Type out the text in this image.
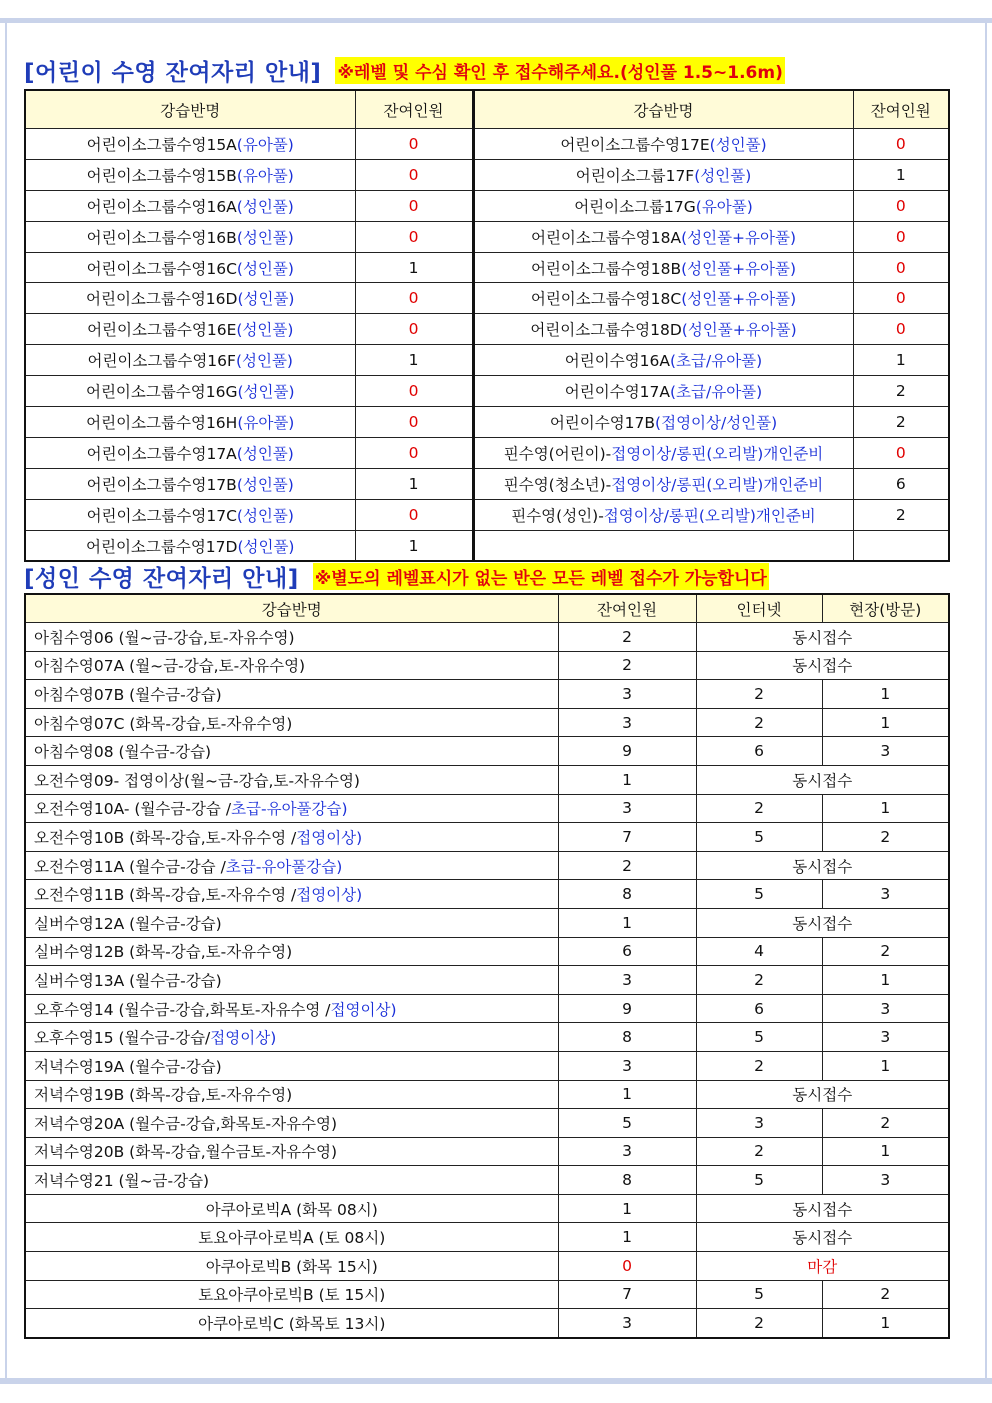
[어린이 수영 잔여자리 안내] ※레벨 및 수심 확인 후 접수해주세요.(성인풀 1.5~1.6m)
강습반명	잔여인원	강습반명	잔여인원
어린이소그룹수영15A(유아풀)	0	어린이소그룹수영17E(성인풀)	0
어린이소그룹수영15B(유아풀)	0	어린이소그룹17F(성인풀)	1
어린이소그룹수영16A(성인풀)	0	어린이소그룹17G(유아풀)	0
어린이소그룹수영16B(성인풀)	0	어린이소그룹수영18A(성인풀+유아풀)	0
어린이소그룹수영16C(성인풀)	1	어린이소그룹수영18B(성인풀+유아풀)	0
어린이소그룹수영16D(성인풀)	0	어린이소그룹수영18C(성인풀+유아풀)	0
어린이소그룹수영16E(성인풀)	0	어린이소그룹수영18D(성인풀+유아풀)	0
어린이소그룹수영16F(성인풀)	1	어린이수영16A(초급/유아풀)	1
어린이소그룹수영16G(성인풀)	0	어린이수영17A(초급/유아풀)	2
어린이소그룹수영16H(유아풀)	0	어린이수영17B(접영이상/성인풀)	2
어린이소그룹수영17A(성인풀)	0	핀수영(어린이)-접영이상/롱핀(오리발)개인준비	0
어린이소그룹수영17B(성인풀)	1	핀수영(청소년)-접영이상/롱핀(오리발)개인준비	6
어린이소그룹수영17C(성인풀)	0	핀수영(성인)-접영이상/롱핀(오리발)개인준비	2
어린이소그룹수영17D(성인풀)	1		
[성인 수영 잔여자리 안내] ※별도의 레벨표시가 없는 반은 모든 레벨 접수가 가능합니다
강습반명	잔여인원	인터넷	현장(방문)
아침수영06 (월~금-강습,토-자유수영)	2	동시접수	
아침수영07A (월~금-강습,토-자유수영)	2	동시접수	
아침수영07B (월수금-강습)	3	2	1
아침수영07C (화목-강습,토-자유수영)	3	2	1
아침수영08 (월수금-강습)	9	6	3
오전수영09- 접영이상(월~금-강습,토-자유수영)	1	동시접수	
오전수영10A- (월수금-강습 /초급-유아풀강습)	3	2	1
오전수영10B (화목-강습,토-자유수영 /접영이상)	7	5	2
오전수영11A (월수금-강습 /초급-유아풀강습)	2	동시접수	
오전수영11B (화목-강습,토-자유수영 /접영이상)	8	5	3
실버수영12A (월수금-강습)	1	동시접수	
실버수영12B (화목-강습,토-자유수영)	6	4	2
실버수영13A (월수금-강습)	3	2	1
오후수영14 (월수금-강습,화목토-자유수영 /접영이상)	9	6	3
오후수영15 (월수금-강습/접영이상)	8	5	3
저녁수영19A (월수금-강습)	3	2	1
저녁수영19B (화목-강습,토-자유수영)	1	동시접수	
저녁수영20A (월수금-강습,화목토-자유수영)	5	3	2
저녁수영20B (화목-강습,월수금토-자유수영)	3	2	1
저녁수영21 (월~금-강습)	8	5	3
아쿠아로빅A (화목 08시)	1	동시접수	
토요아쿠아로빅A (토 08시)	1	동시접수	
아쿠아로빅B (화목 15시)	0	마감	
토요아쿠아로빅B (토 15시)	7	5	2
아쿠아로빅C (화목토 13시)	3	2	1
